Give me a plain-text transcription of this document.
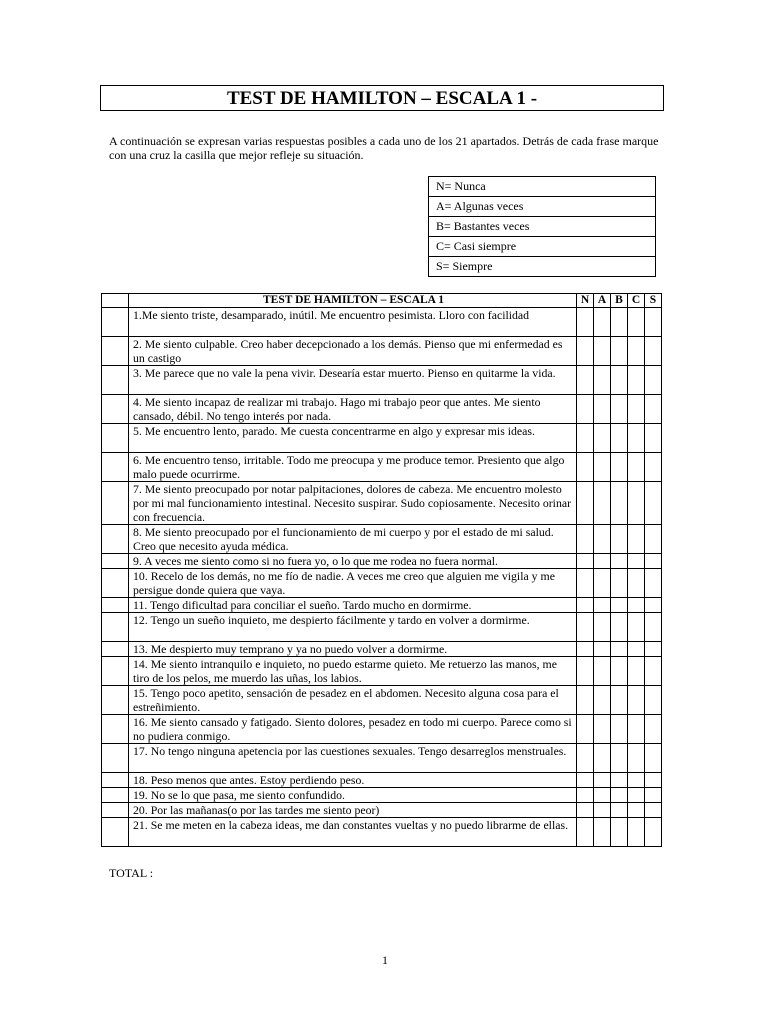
TEST DE HAMILTON – ESCALA 1 -

A continuación se expresan varias respuestas posibles a cada uno de los 21 apartados. Detrás de cada frase marque con una cruz la casilla que mejor refleje su situación.

N= Nunca
A= Algunas veces
B= Bastantes veces
C= Casi siempre
S= Siempre
	TEST DE HAMILTON – ESCALA 1	N	A	B	C	S
	1.Me siento triste, desamparado, inútil. Me encuentro pesimista. Lloro con facilidad					
	2. Me siento culpable. Creo haber decepcionado a los demás. Pienso que mi enfermedad es un castigo					
	3. Me parece que no vale la pena vivir. Desearía estar muerto. Pienso en quitarme la vida.					
	4. Me siento incapaz de realizar mi trabajo. Hago mi trabajo peor que antes. Me siento cansado, débil. No tengo interés por nada.					
	5. Me encuentro lento, parado. Me cuesta concentrarme en algo y expresar mis ideas.					
	6. Me encuentro tenso, irritable. Todo me preocupa y me produce temor. Presiento que algo malo puede ocurrirme.					
	7. Me siento preocupado por notar palpitaciones, dolores de cabeza. Me encuentro molesto por mi mal funcionamiento intestinal. Necesito suspirar. Sudo copiosamente. Necesito orinar con frecuencia.					
	8. Me siento preocupado por el funcionamiento de mi cuerpo y por el estado de mi salud. Creo que necesito ayuda médica.					
	9. A veces me siento como si no fuera yo, o lo que me rodea no fuera normal.					
	10. Recelo de los demás, no me fío de nadie. A veces me creo que alguien me vigila y me persigue donde quiera que vaya.					
	11. Tengo dificultad para conciliar el sueño. Tardo mucho en dormirme.					
	12. Tengo un sueño inquieto, me despierto fácilmente y tardo en volver a dormirme.					
	13. Me despierto muy temprano y ya no puedo volver a dormirme.					
	14. Me siento intranquilo e inquieto, no puedo estarme quieto. Me retuerzo las manos, me tiro de los pelos, me muerdo las uñas, los labios.					
	15. Tengo poco apetito, sensación de pesadez en el abdomen. Necesito alguna cosa para el estreñimiento.					
	16. Me siento cansado y fatigado. Siento dolores, pesadez en todo mi cuerpo. Parece como si no pudiera conmigo.					
	17. No tengo ninguna apetencia por las cuestiones sexuales. Tengo desarreglos menstruales.					
	18. Peso menos que antes. Estoy perdiendo peso.					
	19. No se lo que pasa, me siento confundido.					
	20. Por las mañanas(o por las tardes me siento peor)					
	21. Se me meten en la cabeza ideas, me dan constantes vueltas y no puedo librarme de ellas.					
TOTAL :
1
